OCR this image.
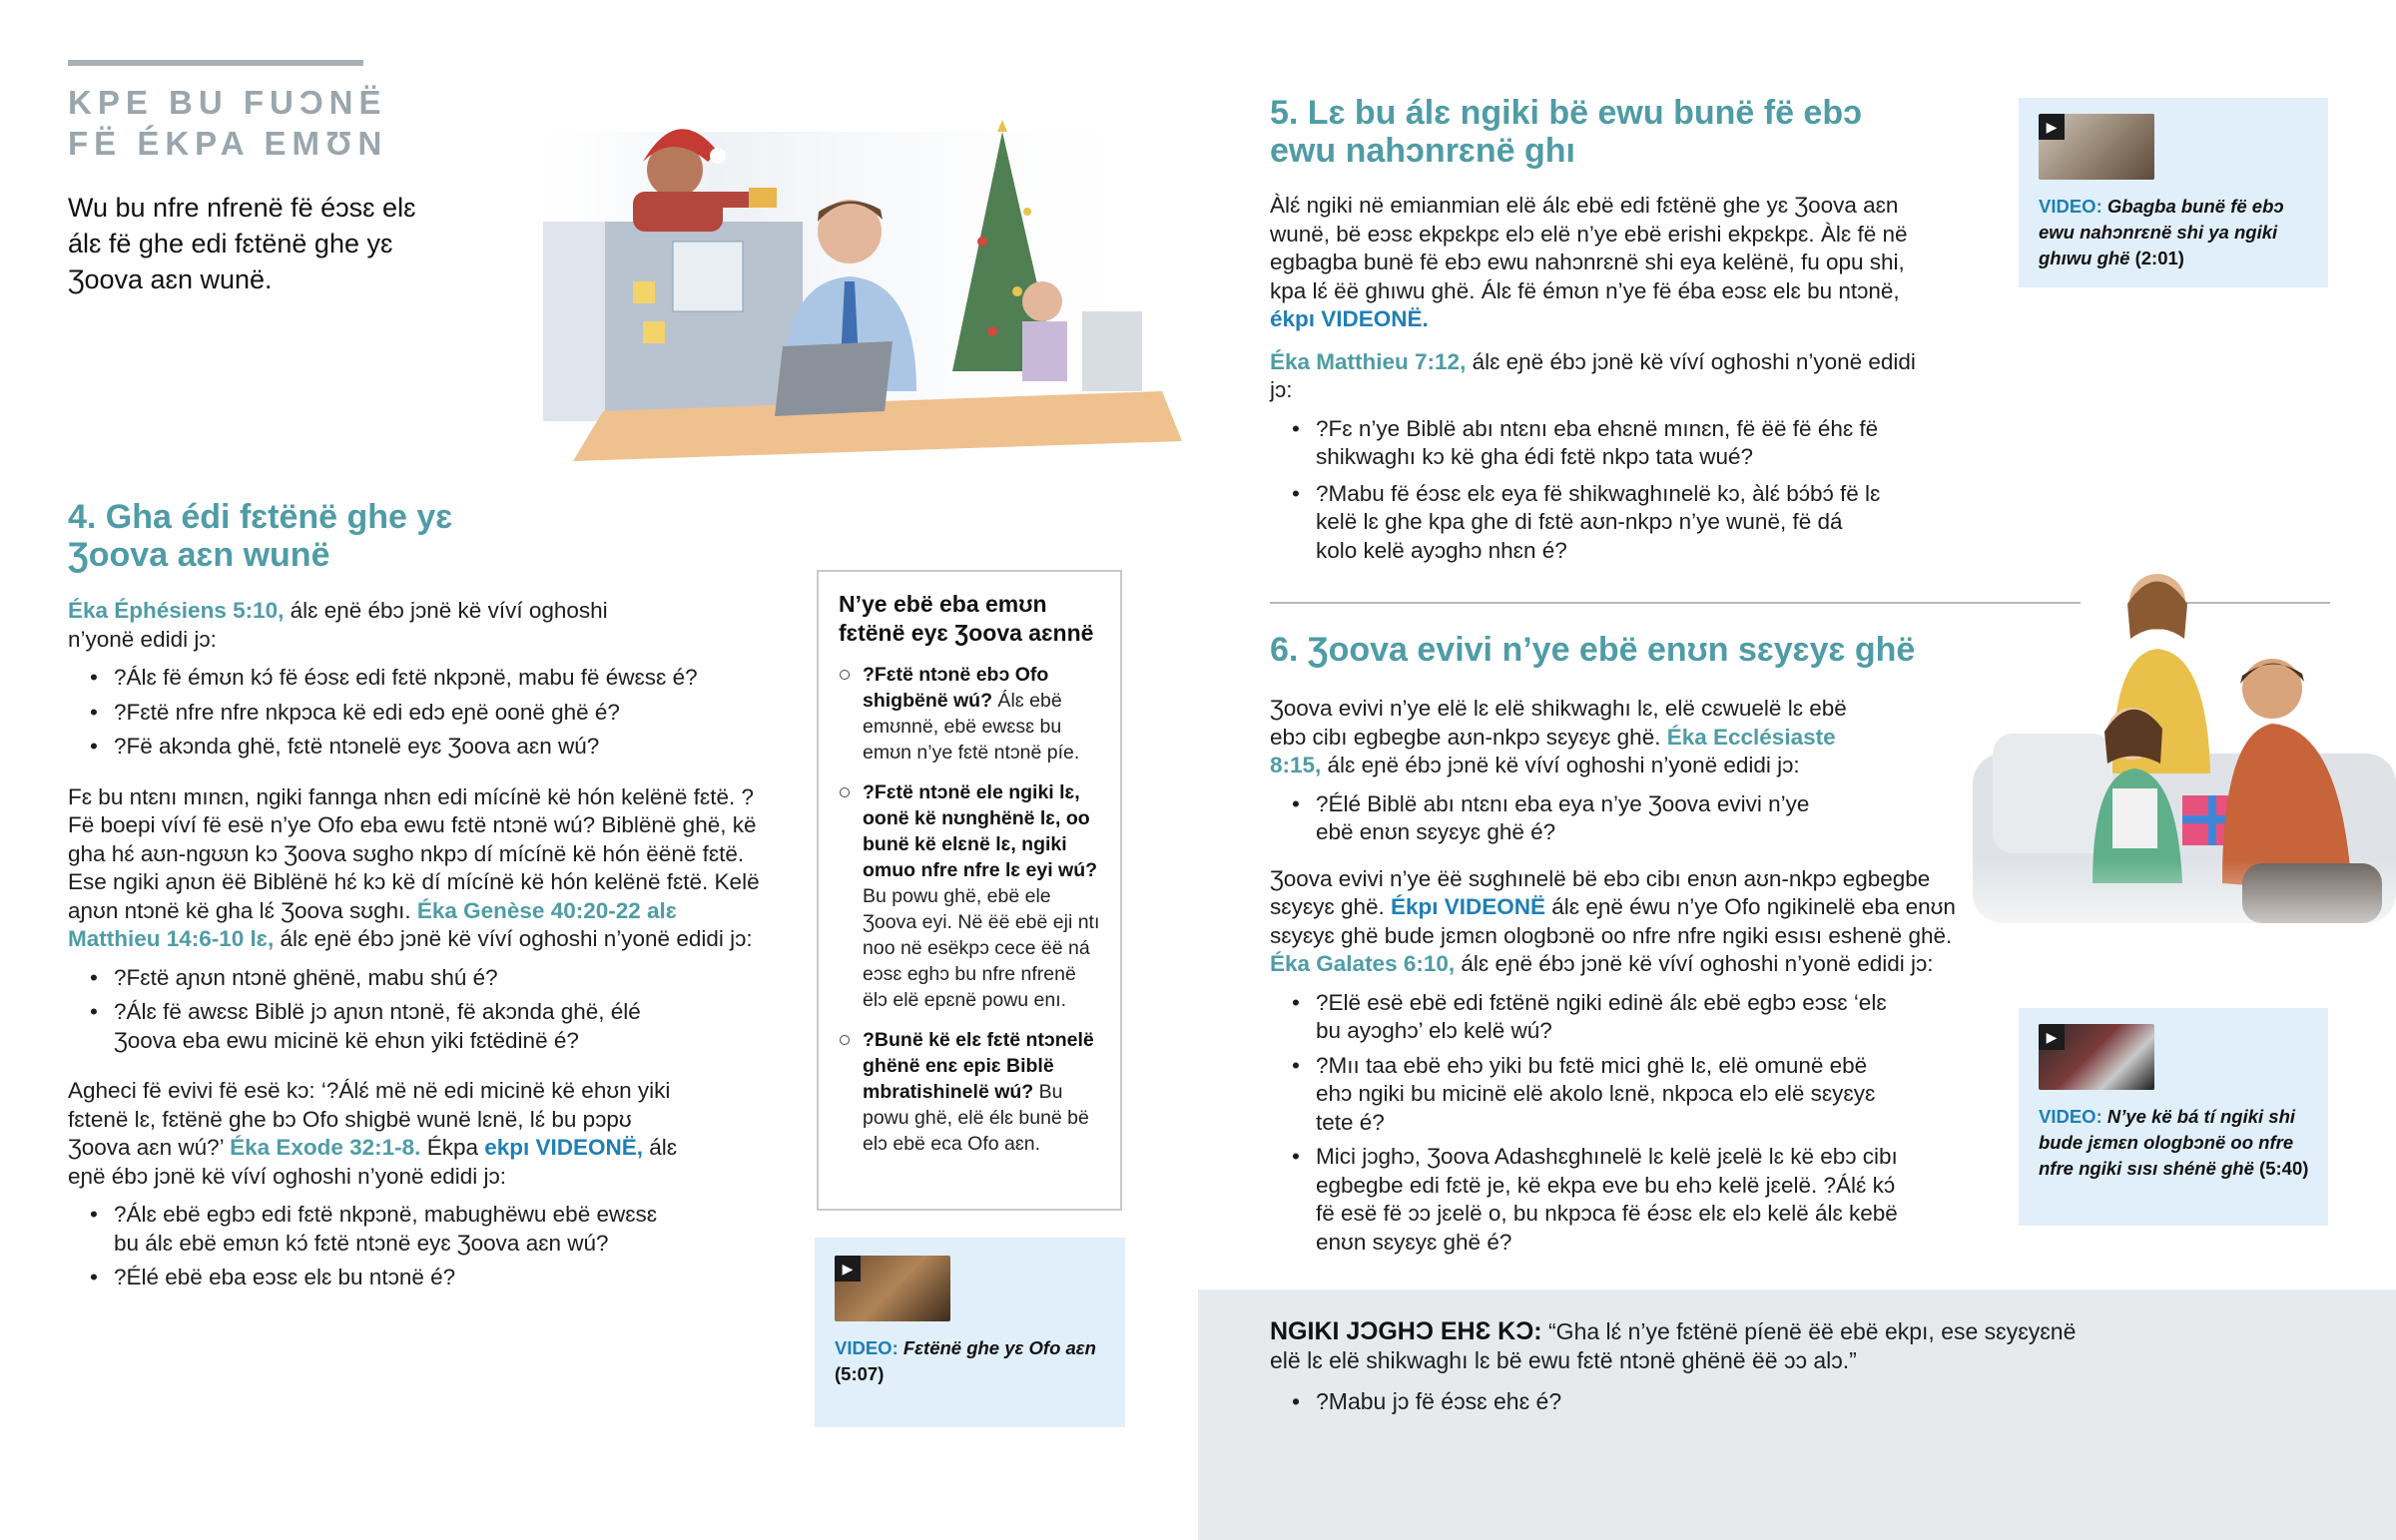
KPE BU FUƆNË
FË ÉKPA EMƱN
Wu bu nfre nfrenë fë éɔsɛ elɛ álɛ fë ghe edi fɛtënë ghe yɛ Ʒoova aɛn wunë.
4. Gha édi fɛtënë ghe yɛ
Ʒoova aɛn wunë
Éka Éphésiens 5:10, álɛ eɲë ébɔ jɔnë kë víví oghoshi n’yonë edidi jɔ:
• ?Álɛ fë émʊn kɔ́ fë éɔsɛ edi fɛtë nkpɔnë, mabu fë éwɛsɛ é?
• ?Fɛtë nfre nfre nkpɔca kë edi edɔ eɲë oonë ghë é?
• ?Fë akɔnda ghë, fɛtë ntɔnelë eyɛ Ʒoova aɛn wú?
Fɛ bu ntɛnı mınɛn, ngiki fannga nhɛn edi mícínë kë hón kelënë fɛtë. ?Fë boepi víví fë esë n’ye Ofo eba ewu fɛtë ntɔnë wú? Biblënë ghë, kë gha hɛ́ aʊn-ngʊʊn kɔ Ʒoova sʊgho nkpɔ dí mícínë kë hón ëënë fɛtë. Ese ngiki aɲʊn ëë Biblënë hɛ́ kɔ kë dí mícínë kë hón kelënë fɛtë. Kelë aɲʊn ntɔnë kë gha lɛ́ Ʒoova sʊghı. Éka Genèse 40:20-22 alɛ Matthieu 14:6-10 lɛ, álɛ eɲë ébɔ jɔnë kë víví oghoshi n’yonë edidi jɔ:
• ?Fɛtë aɲʊn ntɔnë ghënë, mabu shú é?
• ?Álɛ fë awɛsɛ Biblë jɔ aɲʊn ntɔnë, fë akɔnda ghë, élé Ʒoova eba ewu micinë kë ehʊn yiki fɛtëdinë é?
Agheci fë evivi fë esë kɔ: ‘?Álɛ́ më në edi micinë kë ehʊn yiki fɛtenë lɛ, fɛtënë ghe bɔ Ofo shigbë wunë lɛnë, lɛ́ bu pɔpʊ Ʒoova aɛn wú?’ Éka Exode 32:1-8. Ékpa ekpı VIDEONË, álɛ eɲë ébɔ jɔnë kë víví oghoshi n’yonë edidi jɔ:
• ?Álɛ ebë egbɔ edi fɛtë nkpɔnë, mabughëwu ebë ewɛsɛ bu álɛ ebë emʊn kɔ́ fɛtë ntɔnë eyɛ Ʒoova aɛn wú?
• ?Élé ebë eba eɔsɛ elɛ bu ntɔnë é?
N’ye ebë eba emʊn fɛtënë eyɛ Ʒoova aɛnnë
?Fɛtë ntɔnë ebɔ Ofo shigbënë wú? Álɛ ebë emʊnnë, ebë ewɛsɛ bu emʊn n’ye fɛtë ntɔnë píe.
?Fɛtë ntɔnë ele ngiki lɛ, oonë kë nʊnghënë lɛ, oo bunë kë elɛnë lɛ, ngiki omuo nfre nfre lɛ eyi wú? Bu powu ghë, ebë ele Ʒoova eyi. Në ëë ebë eji ntı noo në esëkpɔ cece ëë ná eɔsɛ eghɔ bu nfre nfrenë ëlɔ elë epɛnë powu enı.
?Bunë kë elɛ fɛtë ntɔnelë ghënë enɛ epiɛ Biblë mbratishinelë wú? Bu powu ghë, elë élɛ bunë bë elɔ ebë eca Ofo aɛn.
▶
VIDEO: Fɛtënë ghe yɛ Ofo aɛn
(5:07)
5. Lɛ bu álɛ ngiki bë ewu bunë fë ebɔ
ewu nahɔnrɛnë ghı
Àlɛ́ ngiki në emianmian elë álɛ ebë edi fɛtënë ghe yɛ Ʒoova aɛn wunë, bë eɔsɛ ekpɛkpɛ elɔ elë n’ye ebë erishi ekpɛkpɛ. Àlɛ fë në egbagba bunë fë ebɔ ewu nahɔnrɛnë shi eya kelënë, fu opu shi, kpa lɛ́ ëë ghıwu ghë. Álɛ fë émʊn n’ye fë éba eɔsɛ elɛ bu ntɔnë, ékpı VIDEONË.
Éka Matthieu 7:12, álɛ eɲë ébɔ jɔnë kë víví oghoshi n’yonë edidi jɔ:
• ?Fɛ n’ye Biblë abı ntɛnı eba ehɛnë mınɛn, fë ëë fë éhɛ fë shikwaghı kɔ kë gha édi fɛtë nkpɔ tata wué?
• ?Mabu fë éɔsɛ elɛ eya fë shikwaghınelë kɔ, àlɛ́ bɔ́bɔ́ fë lɛ kelë lɛ ghe kpa ghe di fɛtë aʊn-nkpɔ n’ye wunë, fë dá kolo kelë ayɔghɔ nhɛn é?
▶
VIDEO: Gbagba bunë fë ebɔ ewu nahɔnrɛnë shi ya ngiki ghıwu ghë (2:01)
6. Ʒoova evivi n’ye ebë enʊn sɛyɛyɛ ghë
Ʒoova evivi n’ye elë lɛ elë shikwaghı lɛ, elë cɛwuelë lɛ ebë ebɔ cibı egbegbe aʊn-nkpɔ sɛyɛyɛ ghë. Éka Ecclésiaste 8:15, álɛ eɲë ébɔ jɔnë kë víví oghoshi n’yonë edidi jɔ:
• ?Élé Biblë abı ntɛnı eba eya n’ye Ʒoova evivi n’ye ebë enʊn sɛyɛyɛ ghë é?
Ʒoova evivi n’ye ëë sʊghınelë bë ebɔ cibı enʊn aʊn-nkpɔ egbegbe sɛyɛyɛ ghë. Ékpı VIDEONË álɛ eɲë éwu n’ye Ofo ngikinelë eba enʊn sɛyɛyɛ ghë bude jɛmɛn ologbɔnë oo nfre nfre ngiki esısı eshenë ghë. Éka Galates 6:10, álɛ eɲë ébɔ jɔnë kë víví oghoshi n’yonë edidi jɔ:
• ?Elë esë ebë edi fɛtënë ngiki edinë álɛ ebë egbɔ eɔsɛ ‘elɛ bu ayɔghɔ’ elɔ kelë wú?
• ?Mıı taa ebë ehɔ yiki bu fɛtë mici ghë lɛ, elë omunë ebë ehɔ ngiki bu micinë elë akolo lɛnë, nkpɔca elɔ elë sɛyɛyɛ tete é?
• Mici jɔghɔ, Ʒoova Adashɛghınelë lɛ kelë jɛelë lɛ kë ebɔ cibı egbegbe edi fɛtë je, kë ekpa eve bu ehɔ kelë jɛelë. ?Álɛ́ kɔ́ fë esë fë ɔɔ jɛelë o, bu nkpɔca fë éɔsɛ elɛ elɔ kelë álɛ kebë enʊn sɛyɛyɛ ghë é?
▶
VIDEO: N’ye kë bá tí ngiki shi bude jɛmɛn ologbɔnë oo nfre nfre ngiki sısı shénë ghë (5:40)
NGIKI JƆGHƆ EHƐ KƆ: “Gha lɛ́ n’ye fɛtënë píenë ëë ebë ekpı, ese sɛyɛyɛnë elë lɛ elë shikwaghı lɛ bë ewu fɛtë ntɔnë ghënë ëë ɔɔ alɔ.”
• ?Mabu jɔ fë éɔsɛ ehɛ é?
